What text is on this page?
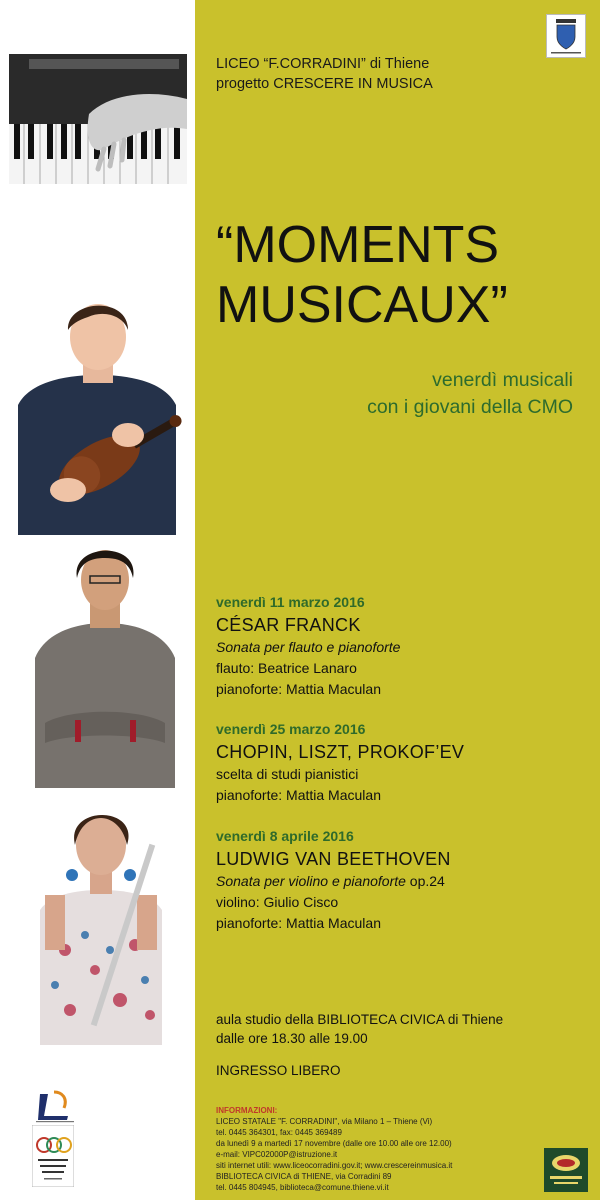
LICEO “F.CORRADINI” di Thiene
progetto CRESCERE IN MUSICA
“MOMENTS
MUSICAUX”
venerdì musicali
con i giovani della CMO
venerdì 11 marzo 2016
CÉSAR FRANCK
Sonata per flauto e pianoforte
flauto: Beatrice Lanaro
pianoforte: Mattia Maculan
venerdì 25 marzo 2016
CHOPIN, LISZT, PROKOF’EV
scelta di studi pianistici
pianoforte: Mattia Maculan
venerdì 8 aprile 2016
LUDWIG VAN BEETHOVEN
Sonata per violino e pianoforte op.24
violino: Giulio Cisco
pianoforte: Mattia Maculan
aula studio della BIBLIOTECA CIVICA di Thiene
dalle ore 18.30 alle 19.00
INGRESSO LIBERO
INFORMAZIONI:
LICEO STATALE "F. CORRADINI", via Milano 1 – Thiene (Vi)
tel. 0445 364301, fax: 0445 369489
da lunedì 9 a martedì 17 novembre (dalle ore 10.00 alle ore 12.00)
e-mail: VIPC02000P@istruzione.it
siti internet utili: www.liceocorradini.gov.it; www.crescereinmusica.it
BIBLIOTECA CIVICA di THIENE, via Corradini 89
tel. 0445 804945, biblioteca@comune.thiene.vi.it
